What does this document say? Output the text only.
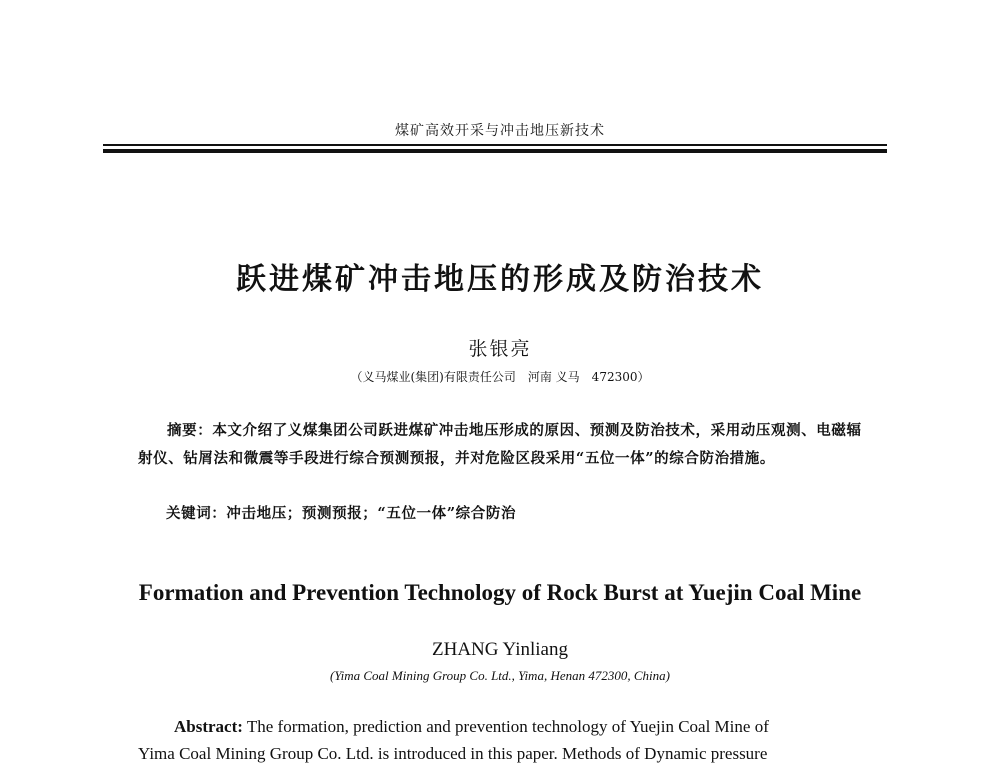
煤矿高效开采与冲击地压新技术
跃进煤矿冲击地压的形成及防治技术
张银亮
（义马煤业(集团)有限责任公司　河南 义马　472300）
摘要：本文介绍了义煤集团公司跃进煤矿冲击地压形成的原因、预测及防治技术，采用动压观测、电磁辐射仪、钻屑法和微震等手段进行综合预测预报，并对危险区段采用“五位一体”的综合防治措施。
关键词：冲击地压；预测预报；“五位一体”综合防治
Formation and Prevention Technology of Rock Burst at Yuejin Coal Mine
ZHANG Yinliang
(Yima Coal Mining Group Co. Ltd., Yima, Henan 472300, China)
Abstract: The formation, prediction and prevention technology of Yuejin Coal Mine of
Yima Coal Mining Group Co. Ltd. is introduced in this paper. Methods of Dynamic pressure
